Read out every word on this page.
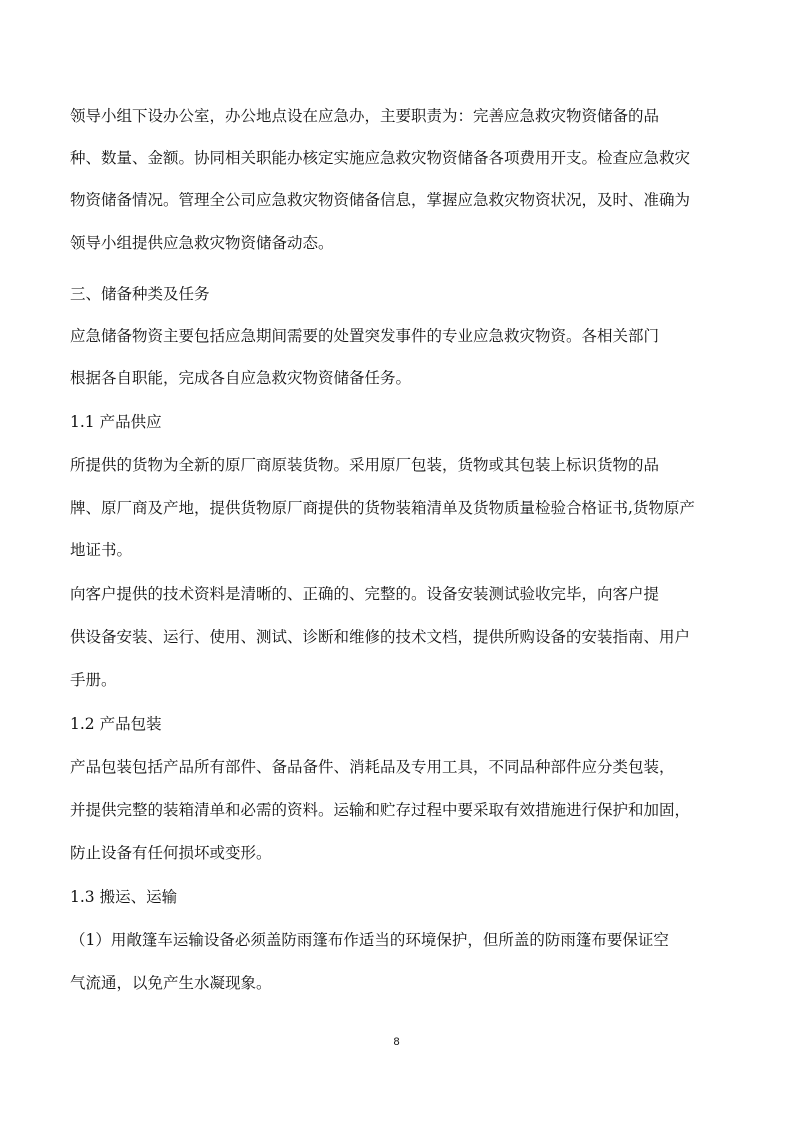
领导小组下设办公室，办公地点设在应急办，主要职责为：完善应急救灾物资储备的品
种、数量、金额。协同相关职能办核定实施应急救灾物资储备各项费用开支。检查应急救灾
物资储备情况。管理全公司应急救灾物资储备信息，掌握应急救灾物资状况，及时、准确为
领导小组提供应急救灾物资储备动态。
三、储备种类及任务
应急储备物资主要包括应急期间需要的处置突发事件的专业应急救灾物资。各相关部门
根据各自职能，完成各自应急救灾物资储备任务。
1.1 产品供应
所提供的货物为全新的原厂商原装货物。采用原厂包装，货物或其包装上标识货物的品
牌、原厂商及产地，提供货物原厂商提供的货物装箱清单及货物质量检验合格证书,货物原产
地证书。
向客户提供的技术资料是清晰的、正确的、完整的。设备安装测试验收完毕，向客户提
供设备安装、运行、使用、测试、诊断和维修的技术文档，提供所购设备的安装指南、用户
手册。
1.2 产品包装
产品包装包括产品所有部件、备品备件、消耗品及专用工具，不同品种部件应分类包装，
并提供完整的装箱清单和必需的资料。运输和贮存过程中要采取有效措施进行保护和加固，
防止设备有任何损坏或变形。
1.3 搬运、运输
（1）用敞篷车运输设备必须盖防雨篷布作适当的环境保护，但所盖的防雨篷布要保证空
气流通，以免产生水凝现象。
8
